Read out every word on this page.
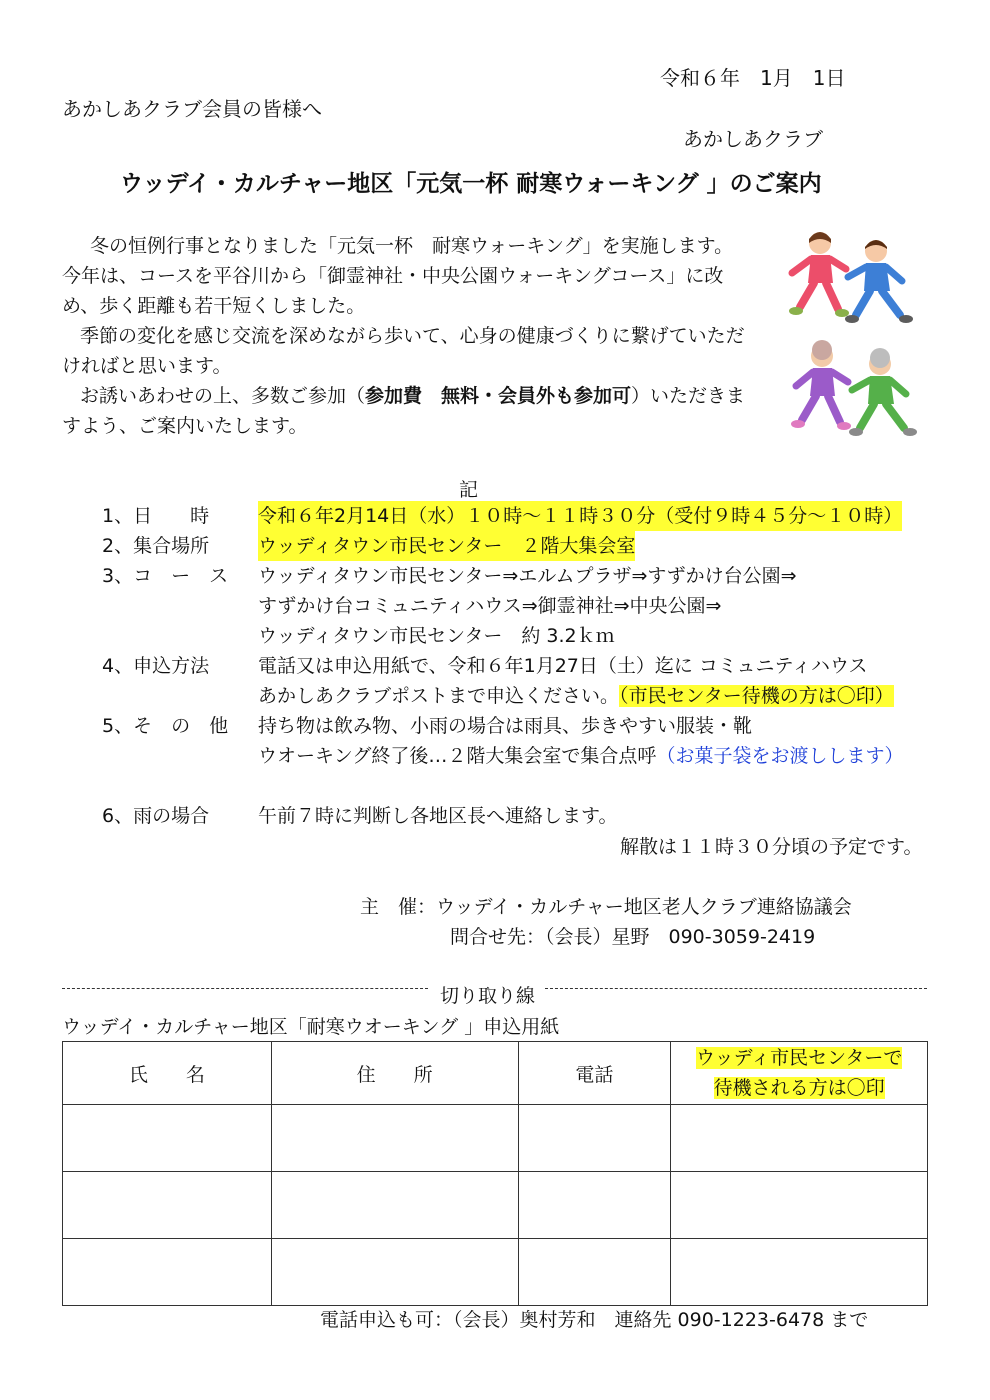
令和６年　1月　1日
あかしあクラブ会員の皆様へ
あかしあクラブ
ウッデイ・カルチャー地区「元気一杯 耐寒ウォーキング 」のご案内

冬の恒例行事となりました「元気一杯　耐寒ウォーキング」を実施します。

今年は、コースを平谷川から「御霊神社・中央公園ウォーキングコース」に改

め、歩く距離も若干短くしました。

季節の変化を感じ交流を深めながら歩いて、心身の健康づくりに繋げていただ

ければと思います。

お誘いあわせの上、多数ご参加（参加費　無料・会員外も参加可）いただきま

すよう、ご案内いたします。

記
1、日　　時	令和６年2月14日（水）１０時～１１時３０分（受付９時４５分～１０時）
2、集合場所	ウッディタウン市民センター　２階大集会室
3、コ　ー　ス ウッディタウン市民センター⇒エルムプラザ⇒すずかけ台公園⇒
すずかけ台コミュニティハウス⇒御霊神社⇒中央公園⇒
ウッディタウン市民センター　約 3.2ｋｍ
4、申込方法	電話又は申込用紙で、令和６年1月27日（土）迄に コミュニティハウス
あかしあクラブポストまで申込ください。（市民センター待機の方は〇印）
5、そ　の　他 持ち物は飲み物、小雨の場合は雨具、歩きやすい服装・靴
ウオーキング終了後…２階大集会室で集合点呼（お菓子袋をお渡しします）
6、雨の場合	午前７時に判断し各地区長へ連絡します。
解散は１１時３０分頃の予定です。
主　催：ウッデイ・カルチャー地区老人クラブ連絡協議会
問合せ先：（会長）星野　090-3059-2419
切り取り線
ウッデイ・カルチャー地区「耐寒ウオーキング 」申込用紙
氏　　名	住　　所	電話	ウッディ市民センターで
待機される方は〇印

電話申込も可：（会長）奥村芳和　連絡先 090-1223-6478 まで
